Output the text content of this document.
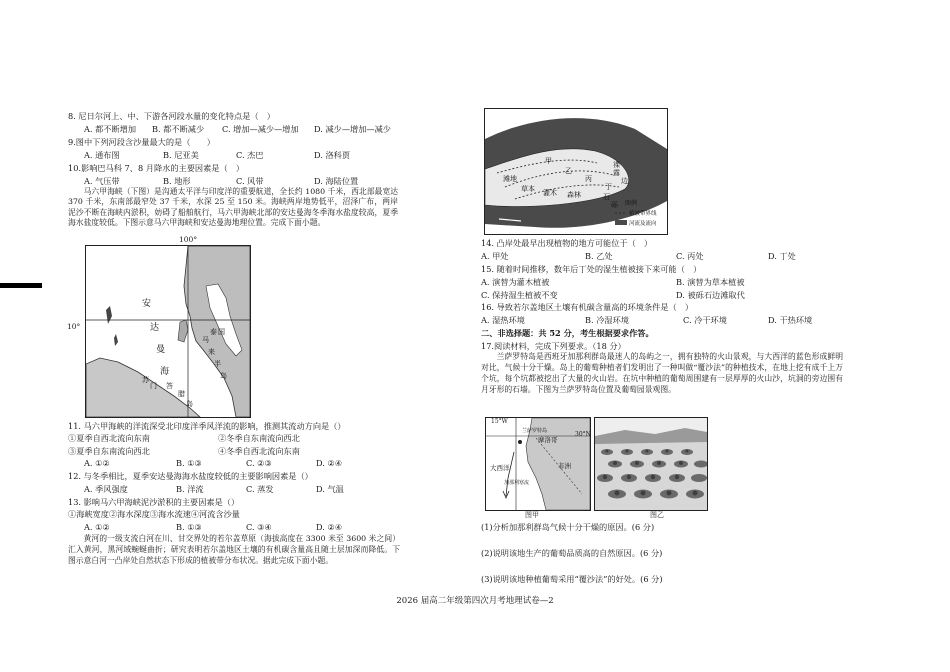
8. 尼日尔河上、中、下游各河段水量的变化特点是（　）
A. 都不断增加 B. 都不断减少 C. 增加—减少—增加 D. 减少—增加—减少
9.图中下列河段含沙量最大的是（　　）
A. 通布图	B. 尼亚美	C. 杰巴	D. 洛科贾
10.影响巴马科 7、8 月降水的主要因素是（　）
A. 气压带	B. 地形	C. 风带	D. 海陆位置
马六甲海峡（下图）是沟通太平洋与印度洋的重要航道，全长约 1080 千米，西北部最宽达 370 千米，东南部最窄处 37 千米，水深 25 至 150 米。海峡两岸地势低平，沼泽广布，两岸泥沙不断在海峡内淤积，妨碍了船舶航行，马六甲海峡北部的安达曼海冬季海水盐度较高，夏季海水盐度较低。下图示意马六甲海峡和安达曼海地理位置。完成下面小题。
安
达
曼
海
苏
门 答
腊
岛
马
来
半
岛
泰 国
100°
10°
11. 马六甲海峡的洋流深受北印度洋季风洋流的影响，推测其流动方向是（）
①夏季自西北流向东南	②冬季自东南流向西北
③夏季自东南流向西北	④冬季自西北流向东南
A. ①②	B. ①③	C. ②③	D. ②④
12. 与冬季相比，夏季安达曼海海水盐度较低的主要影响因素是（）
A. 季风强度	B. 洋流	C. 蒸发	D. 气温
13. 影响马六甲海峡泥沙淤积的主要因素是（）
①海峡宽度②海水深度③海水流速④河流含沙量
A. ①②	B. ①③	C. ③④	D. ②④
黄河的一级支流白河在川、甘交界处的若尔盖草原（海拔高度在 3300 米至 3600 米之间）汇入黄河，黑河域蜿蜒曲折；研究表明若尔盖地区土壤的有机碳含量高且随土层加深而降低。下图示意白河一凸岸处自然状态下形成的植被带分布状况。据此完成下面小题。
甲
乙
丙
丁
滩地
草本 灌木 森林
裸
露
边
石
砾 图例
植被带界线
河流及流向
14. 凸岸处最早出现植物的地方可能位于（　）
A. 甲处	B. 乙处	C. 丙处	D. 丁处
15. 随着时间推移，数年后丁处的湿生植被接下来可能（　）
A. 演替为灌木植被	B. 演替为草本植被
C. 保持湿生植被不变	D. 被砾石边滩取代
16. 导致若尔盖地区土壤有机碳含量高的环境条件是（　）
A. 湿热环境	B. 冷湿环境	C. 冷干环境	D. 干热环境
二、非选择题：共 52 分，考生根据要求作答。
17.阅读材料，完成下列要求。（18 分）
兰萨罗特岛是西班牙加那利群岛最迷人的岛屿之一，拥有独特的火山景观，与大西洋的蓝色形成鲜明对比，气候十分干燥。岛上的葡萄种植者们发明出了一种叫做“覆沙法”的种植技术，在地上挖有成千上万个坑，每个坑都被挖出了大量的火山岩。在坑中种植的葡萄周围建有一层厚厚的火山沙，坑洞的旁边围有月牙形的石墙。下图为兰萨罗特岛位置及葡萄园景观图。
大西洋
摩洛哥
加那利寒流
非洲
兰萨罗特岛
15°W
30°N
图甲	图乙
(1)分析加那利群岛气候十分干燥的原因。(6 分)
(2)说明该地生产的葡萄品质高的自然原因。(6 分)
(3)说明该地种植葡萄采用“覆沙法”的好处。(6 分)
2026 届高二年级第四次月考地理试卷—2
